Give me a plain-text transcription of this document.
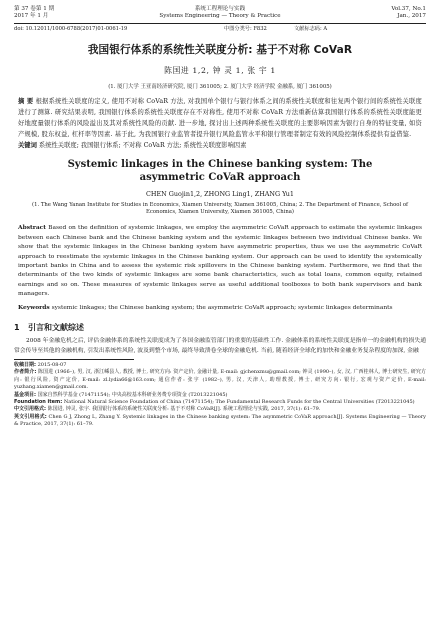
第 37 卷第 1 期
2017 年 1 月
系统工程理论与实践
Systems Engineering — Theory & Practice
Vol.37, No.1
Jan., 2017
doi: 10.12011/1000-6788(2017)01-0061-19	中图分类号: F832	文献标志码: A
我国银行体系的系统性关联度分析: 基于不对称 CoVaR
陈国进 1,2, 钟 灵 1, 张 宇 1
(1. 厦门大学 王亚南经济研究院, 厦门 361005; 2. 厦门大学 经济学院 金融系, 厦门 361005)
摘 要 根据系统性关联度的定义, 使用不对称 CoVaR 方法, 对我国单个银行与银行体系之间的系统性关联度和往复两个银行间的系统性关联度进行了测算. 研究结果表明, 我国银行体系的系统性关联度存在不对称性, 使用不对称 CoVaR 方法重新估算我国银行体系的系统性关联度能更好地度量银行体系的风险溢出及其对系统性风险的贡献. 进一步地, 探讨出上述两种系统性关联度的主要影响因素为银行自身的特征变量, 如资产规模, 股东权益, 杠杆率等因素. 基于此, 为我国银行业监管者提升银行风险监管水平和银行管理者制定有效的风险控制体系提供有益借鉴.
关键词 系统性关联度; 我国银行体系; 不对称 CoVaR 方法; 系统性关联度影响因素
Systemic linkages in the Chinese banking system: The
asymmetric CoVaR approach
CHEN Guojin1,2, ZHONG Ling1, ZHANG Yu1
(1. The Wang Yanan Institute for Studies in Economics, Xiamen University, Xiamen 361005, China; 2. The Department of Finance, School of Economics, Xiamen University, Xiamen 361005, China)
Abstract Based on the definition of systemic linkages, we employ the asymmetric CoVaR approach to estimate the systemic linkages between each Chinese bank and the Chinese banking system and the systemic linkages between two individual Chinese banks. We show that the systemic linkages in the Chinese banking system have asymmetric properties, thus we use the asymmetric CoVaR approach to reestimate the systemic linkages in the Chinese banking system. Our approach can be used to identify the systemically important banks in China and to assess the systemic risk spillovers in the Chinese banking system. Furthermore, we find that the determinants of the two kinds of systemic linkages are some bank characteristics, such as total loans, common equity, retained earnings and so on. These measures of systemic linkages serve as useful additional toolboxes to both bank supervisors and bank managers.
Keywords systemic linkages; the Chinese banking system; the asymmetric CoVaR approach; systemic linkages determinants
1 引言和文献综述
2008 年金融危机之后, 评估金融体系的系统性关联度成为了各国金融监管部门的重要的基础性工作. 金融体系的系统性关联度是指单一的金融机构的损失通常会传导至其他的金融机构, 引发出系统性风险, 波及到整个市场, 最终导致溃卷全球的金融危机. 当前, 随着经济全球化的加快和金融业务复杂程度的加深, 金融

收稿日期: 2015-08-07

作者简介: 陈国进 (1966–), 男, 汉, 浙江嵊县人, 教授, 博士, 研究方向: 资产定价, 金融计量, E-mail: gjchenxmu@gmail.com; 钟灵 (1990–), 女, 汉, 广西桂林人, 博士研究生, 研究方向: 银行风险, 资产定价, E-mail: zl.lydia66@163.com; 通信作者: 张宇 (1982–), 男, 汉, 天津人, 助理教授, 博士, 研究方向: 银行, 宏观与资产定价, E-mail: yuzhang.xiamen@gmail.com.

基金项目: 国家自然科学基金 (71471154); 中央高校基本科研业务费专项资金 (T2013221045)

Foundation item: National Natural Science Foundation of China (71471154); The Fundamental Research Funds for the Central Universities (T2013221045)

中文引用格式: 陈国进, 钟灵, 张宇. 我国银行体系的系统性关联度分析: 基于不对称 CoVaR[J]. 系统工程理论与实践, 2017, 37(1): 61–79.

英文引用格式: Chen G J, Zhong L, Zhang Y. Systemic linkages in the Chinese banking system: The asymmetric CoVaR approach[J]. Systems Engineering — Theory & Practice, 2017, 37(1): 61–79.
